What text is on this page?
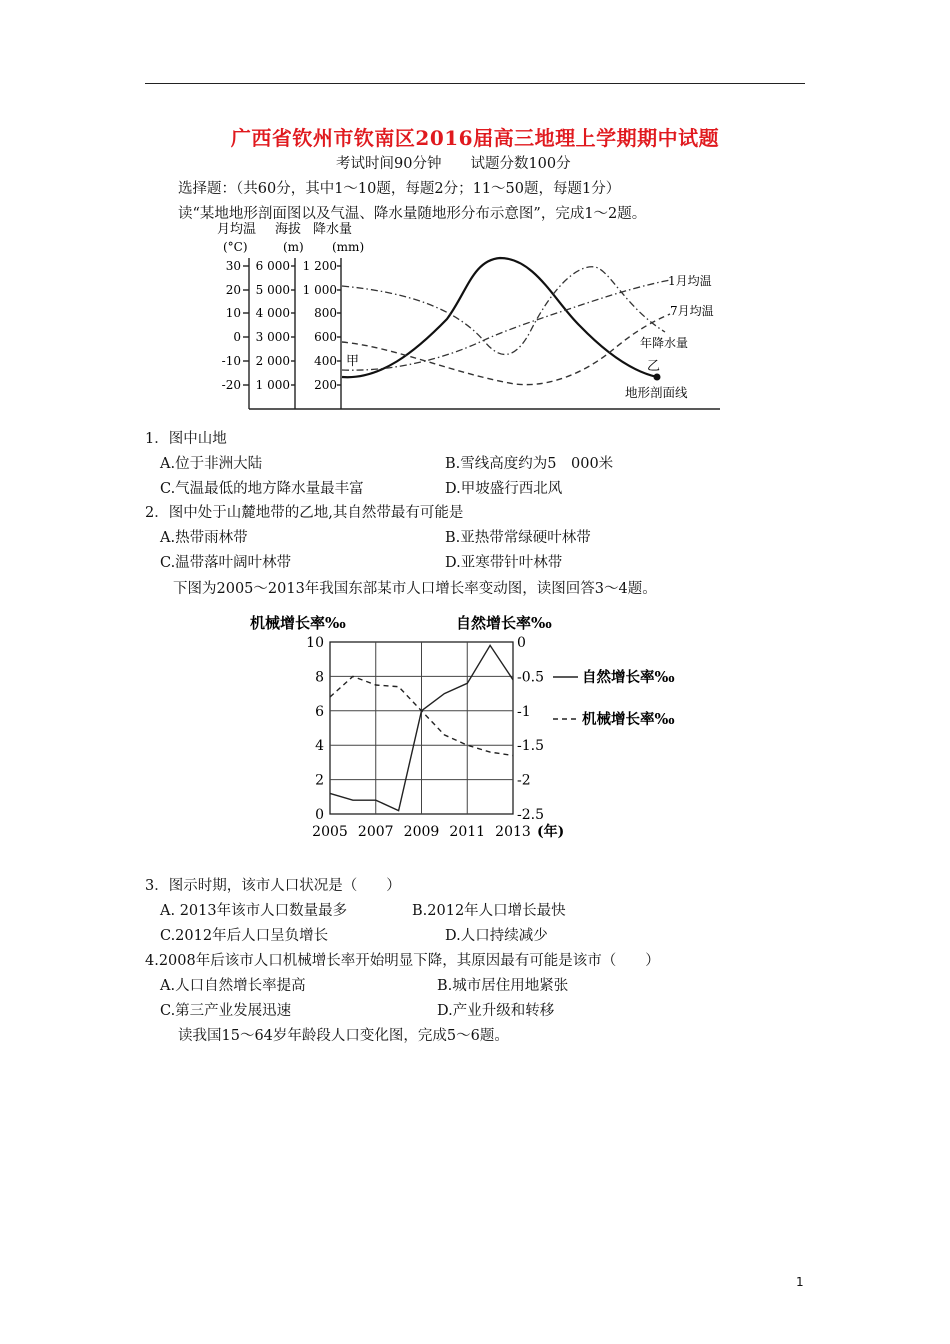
广西省钦州市钦南区2016届高三地理上学期期中试题
考试时间90分钟　　试题分数100分
选择题：（共60分，其中1～10题，每题2分；11～50题，每题1分）
读“某地地形剖面图以及气温、降水量随地形分布示意图”，完成1～2题。
月均温 海拔 降水量
(°C)	(m) (mm)
30
20
10
0
-10
-20
6 000
5 000
4 000
3 000
2 000
1 000
1 200
1 000
800
600
400
200
甲	乙
1月均温
7月均温
年降水量
地形剖面线
1．图中山地
A.位于非洲大陆	B.雪线高度约为5　000米
C.气温最低的地方降水量最丰富	D.甲坡盛行西北风
2．图中处于山麓地带的乙地,其自然带最有可能是
A.热带雨林带	B.亚热带常绿硬叶林带
C.温带落叶阔叶林带	D.亚寒带针叶林带
下图为2005～2013年我国东部某市人口增长率变动图，读图回答3～4题。
机械增长率‰	自然增长率‰
10
8
6
4
2
0
0
-0.5
-1
-1.5
-2
-2.5
2005 2007 2009 2011 2013 (年)
自然增长率‰
机械增长率‰
3．图示时期，该市人口状况是（　　）
A. 2013年该市人口数量最多	B.2012年人口增长最快
C.2012年后人口呈负增长	D.人口持续减少
4.2008年后该市人口机械增长率开始明显下降，其原因最有可能是该市（　　）
A.人口自然增长率提高	B.城市居住用地紧张
C.第三产业发展迅速	D.产业升级和转移
读我国15～64岁年龄段人口变化图，完成5～6题。
1
